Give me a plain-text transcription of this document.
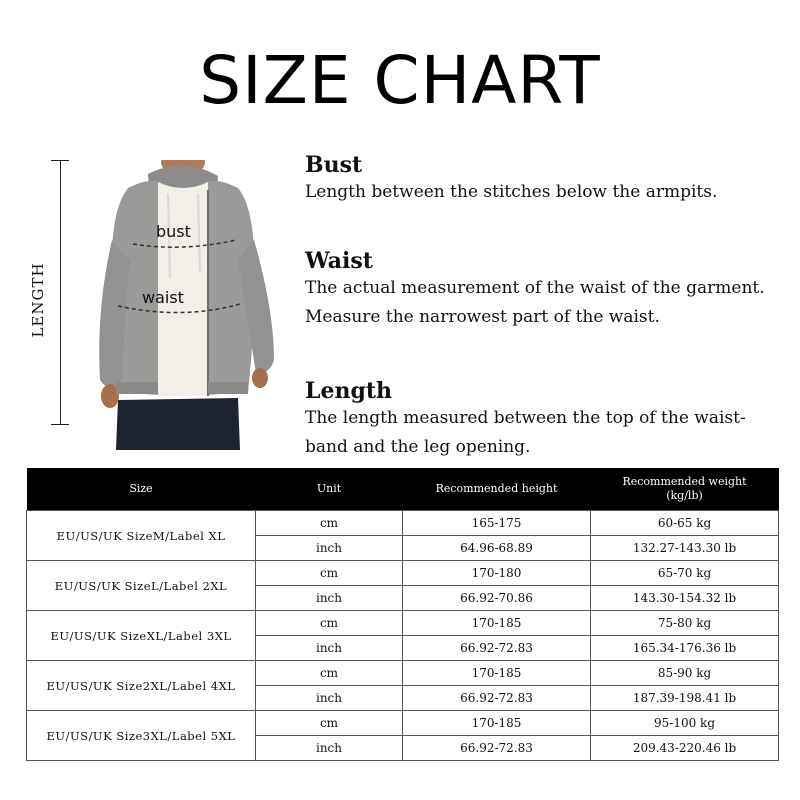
SIZE CHART
LENGTH
bust
waist
Bust

Length between the stitches below the armpits.

Waist

The actual measurement of the waist of the garment.

Measure the narrowest part of the waist.

Length

The length measured between the top of the waist-

band and the leg opening.

Size	Unit	Recommended height	Recommended weight
(kg/lb)
EU/US/UK SizeM/Label XL	cm	165-175	60-65 kg
	inch	64.96-68.89	132.27-143.30 lb
EU/US/UK SizeL/Label 2XL	cm	170-180	65-70 kg
	inch	66.92-70.86	143.30-154.32 lb
EU/US/UK SizeXL/Label 3XL	cm	170-185	75-80 kg
	inch	66.92-72.83	165.34-176.36 lb
EU/US/UK Size2XL/Label 4XL	cm	170-185	85-90 kg
	inch	66.92-72.83	187.39-198.41 lb
EU/US/UK Size3XL/Label 5XL	cm	170-185	95-100 kg
	inch	66.92-72.83	209.43-220.46 lb
